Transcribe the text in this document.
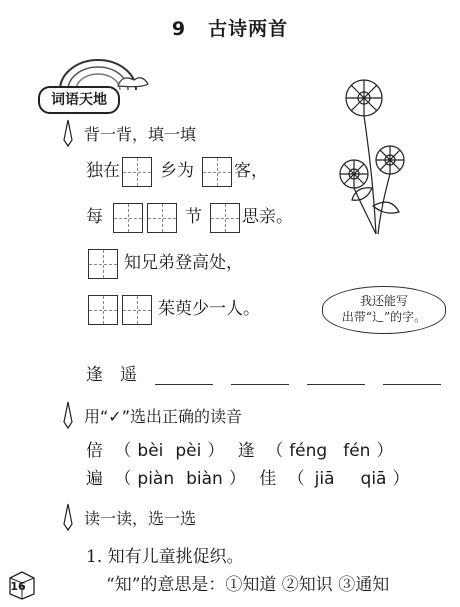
9 古诗两首
词语天地
背一背，填一填
独在 乡为 客，
每	节 思亲。
知兄弟登高处，
茱萸少一人。	我还能写
出带“辶”的字。
逢　遥
用“✓”选出正确的读音
倍 （ bèi pèi ） 逢 （ féng fén ）
遍 （ piàn biàn ） 佳 （ jiā qiā ）
读一读，选一选
1. 知有儿童挑促织。
“知”的意思是：①知道 ②知识 ③通知
16
